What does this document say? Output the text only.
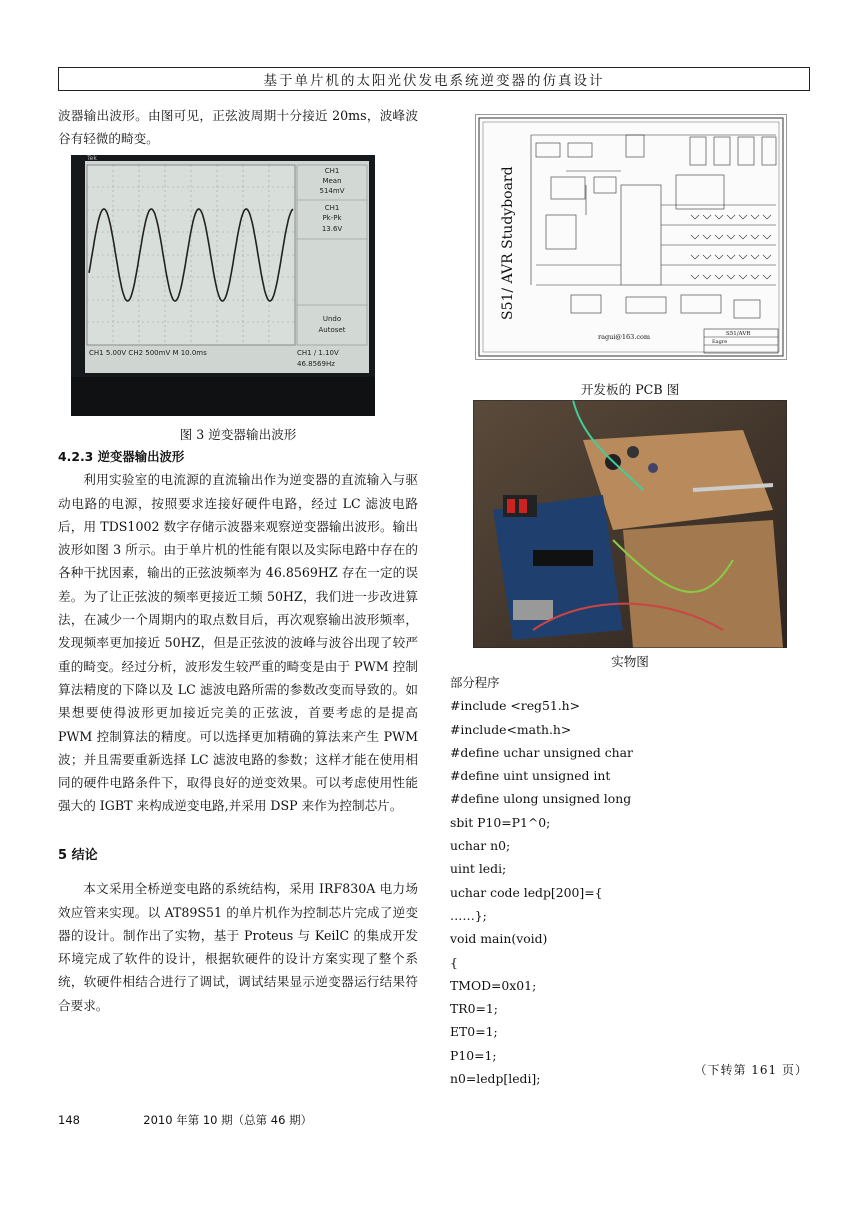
基于单片机的太阳光伏发电系统逆变器的仿真设计

波器输出波形。由图可见，正弦波周期十分接近 20ms，波峰波谷有轻微的畸变。

CH1
Mean
514mV
CH1
Pk-Pk
13.6V
Undo
Autoset
CH1 5.00V CH2 500mV M 10.0ms	CH1 ∕ 1.10V
46.8569Hz
Tek
图 3 逆变器输出波形
4.2.3 逆变器输出波形

利用实验室的电流源的直流输出作为逆变器的直流输入与驱动电路的电源，按照要求连接好硬件电路，经过 LC 滤波电路后，用 TDS1002 数字存储示波器来观察逆变器输出波形。输出波形如图 3 所示。由于单片机的性能有限以及实际电路中存在的各种干扰因素，输出的正弦波频率为 46.8569HZ 存在一定的误差。为了让正弦波的频率更接近工频 50HZ，我们进一步改进算法，在减少一个周期内的取点数目后，再次观察输出波形频率，发现频率更加接近 50HZ，但是正弦波的波峰与波谷出现了较严重的畸变。经过分析，波形发生较严重的畸变是由于 PWM 控制算法精度的下降以及 LC 滤波电路所需的参数改变而导致的。如果想要使得波形更加接近完美的正弦波，首要考虑的是提高 PWM 控制算法的精度。可以选择更加精确的算法来产生 PWM 波；并且需要重新选择 LC 滤波电路的参数；这样才能在使用相同的硬件电路条件下，取得良好的逆变效果。可以考虑使用性能强大的 IGBT 来构成逆变电路,并采用 DSP 来作为控制芯片。

5 结论

本文采用全桥逆变电路的系统结构，采用 IRF830A 电力场效应管来实现。以 AT89S51 的单片机作为控制芯片完成了逆变器的设计。制作出了实物，基于 Proteus 与 KeilC 的集成开发环境完成了软件的设计，根据软硬件的设计方案实现了整个系统，软硬件相结合进行了调试，调试结果显示逆变器运行结果符合要求。

S51/ AVR Studyboard
ragui@163.com	S51/AVR
Eagre
开发板的 PCB 图
实物图
部分程序
#include <reg51.h>
#include<math.h>
#define uchar unsigned char
#define uint unsigned int
#define ulong unsigned long
sbit P10=P1^0;
uchar n0;
uint ledi;
uchar code ledp[200]={
……};
void main(void)
{
TMOD=0x01;
TR0=1;
ET0=1;
P10=1;
n0=ledp[ledi];
（下转第 161 页）
148	2010 年第 10 期（总第 46 期）
